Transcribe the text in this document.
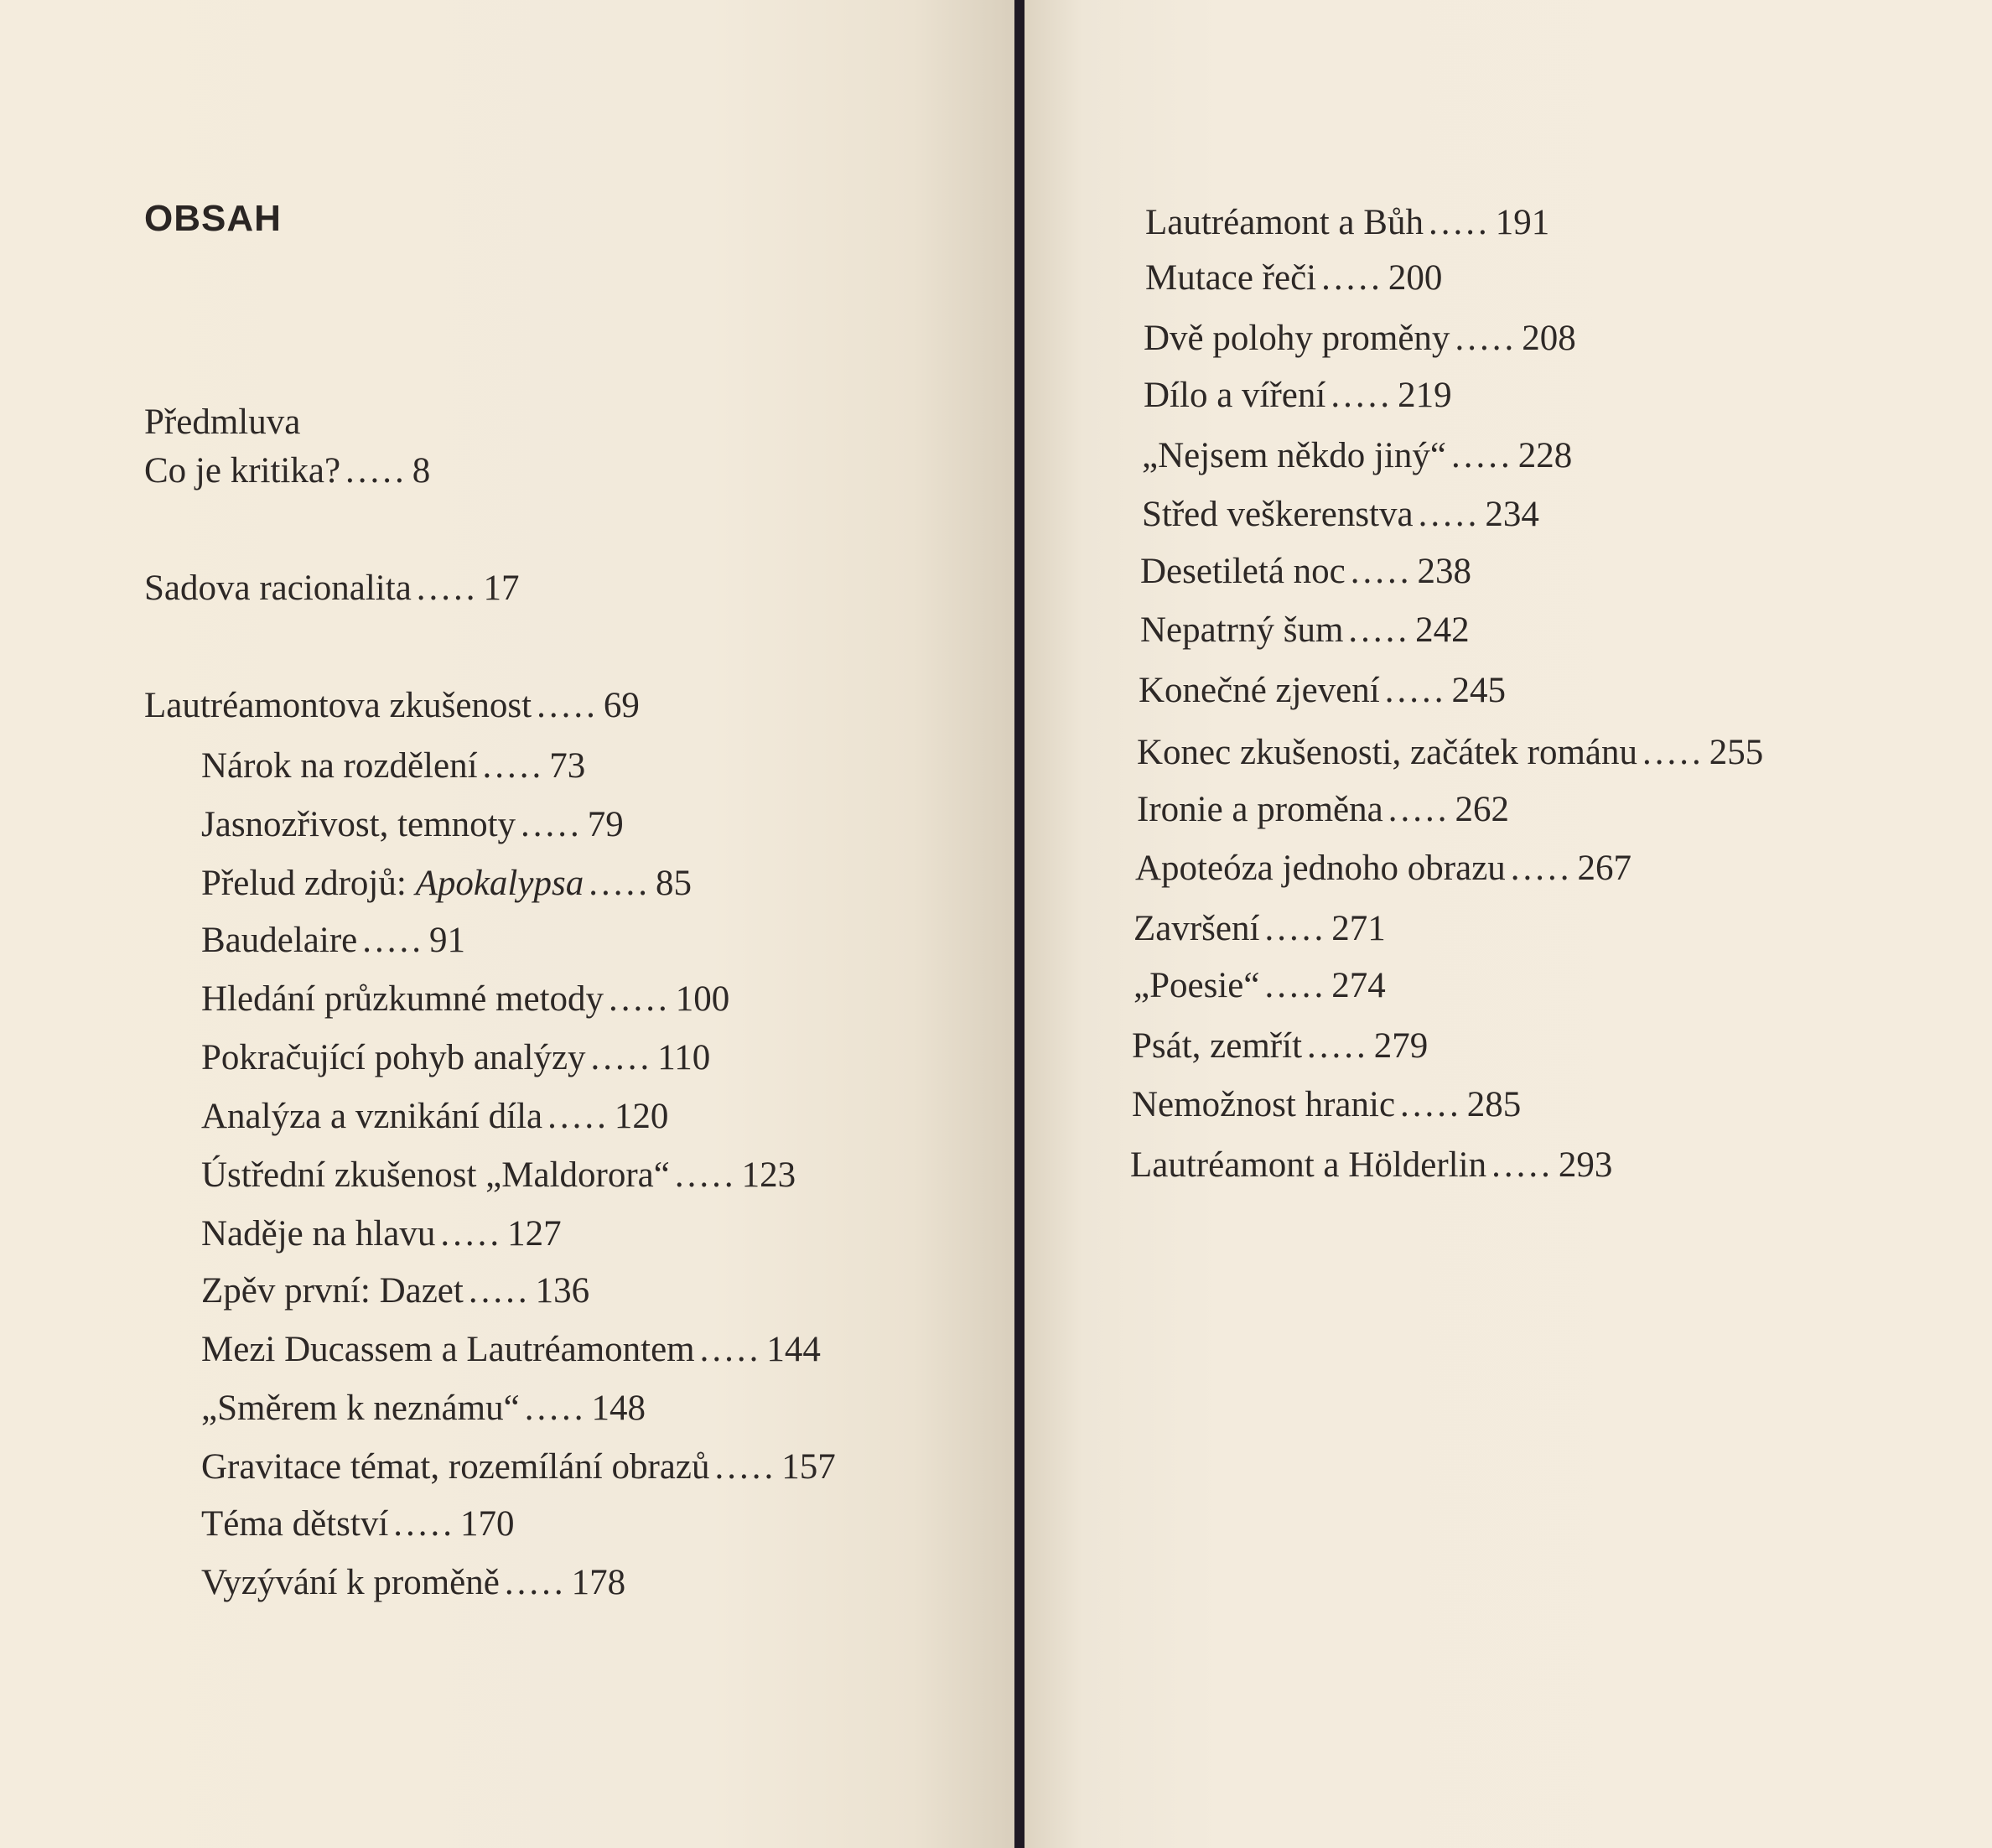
OBSAH
Předmluva
Co je kritika? ..... 8
Sadova racionalita ..... 17
Lautréamontova zkušenost ..... 69
Nárok na rozdělení ..... 73
Jasnozřivost, temnoty ..... 79
Přelud zdrojů: Apokalypsa ..... 85
Baudelaire ..... 91
Hledání průzkumné metody ..... 100
Pokračující pohyb analýzy ..... 110
Analýza a vznikání díla ..... 120
Ústřední zkušenost „Maldorora“ ..... 123
Naděje na hlavu ..... 127
Zpěv první: Dazet ..... 136
Mezi Ducassem a Lautréamontem ..... 144
„Směrem k neznámu“ ..... 148
Gravitace témat, rozemílání obrazů ..... 157
Téma dětství ..... 170
Vyzývání k proměně ..... 178
Lautréamont a Bůh ..... 191
Mutace řeči ..... 200
Dvě polohy proměny ..... 208
Dílo a víření ..... 219
„Nejsem někdo jiný“ ..... 228
Střed veškerenstva ..... 234
Desetiletá noc ..... 238
Nepatrný šum ..... 242
Konečné zjevení ..... 245
Konec zkušenosti, začátek románu ..... 255
Ironie a proměna ..... 262
Apoteóza jednoho obrazu ..... 267
Završení ..... 271
„Poesie“ ..... 274
Psát, zemřít ..... 279
Nemožnost hranic ..... 285
Lautréamont a Hölderlin ..... 293
